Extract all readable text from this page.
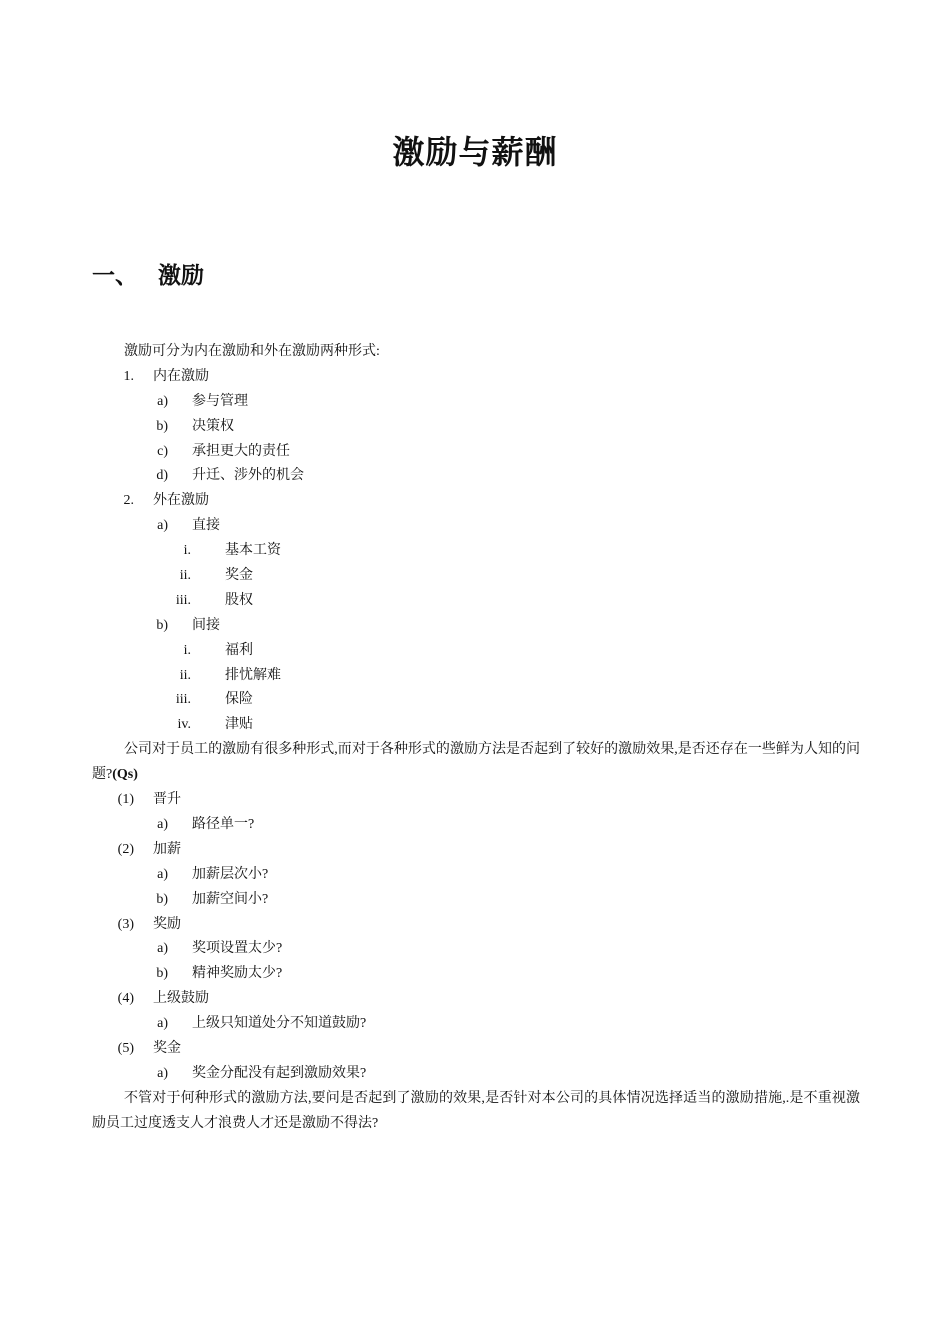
激励与薪酬
一、 激励
激励可分为内在激励和外在激励两种形式:
1. 内在激励
a) 参与管理
b) 决策权
c) 承担更大的责任
d) 升迁、涉外的机会
2. 外在激励
a) 直接
i. 基本工资
ii. 奖金
iii. 股权
b) 间接
i. 福利
ii. 排忧解难
iii. 保险
iv. 津贴
公司对于员工的激励有很多种形式,而对于各种形式的激励方法是否起到了较好的激励效果,是否还存在一些鲜为人知的问题?(Qs)
(1) 晋升
a) 路径单一?
(2) 加薪
a) 加薪层次小?
b) 加薪空间小?
(3) 奖励
a) 奖项设置太少?
b) 精神奖励太少?
(4) 上级鼓励
a) 上级只知道处分不知道鼓励?
(5) 奖金
a) 奖金分配没有起到激励效果?
不管对于何种形式的激励方法,要问是否起到了激励的效果,是否针对本公司的具体情况选择适当的激励措施,.是不重视激励员工过度透支人才浪费人才还是激励不得法?
